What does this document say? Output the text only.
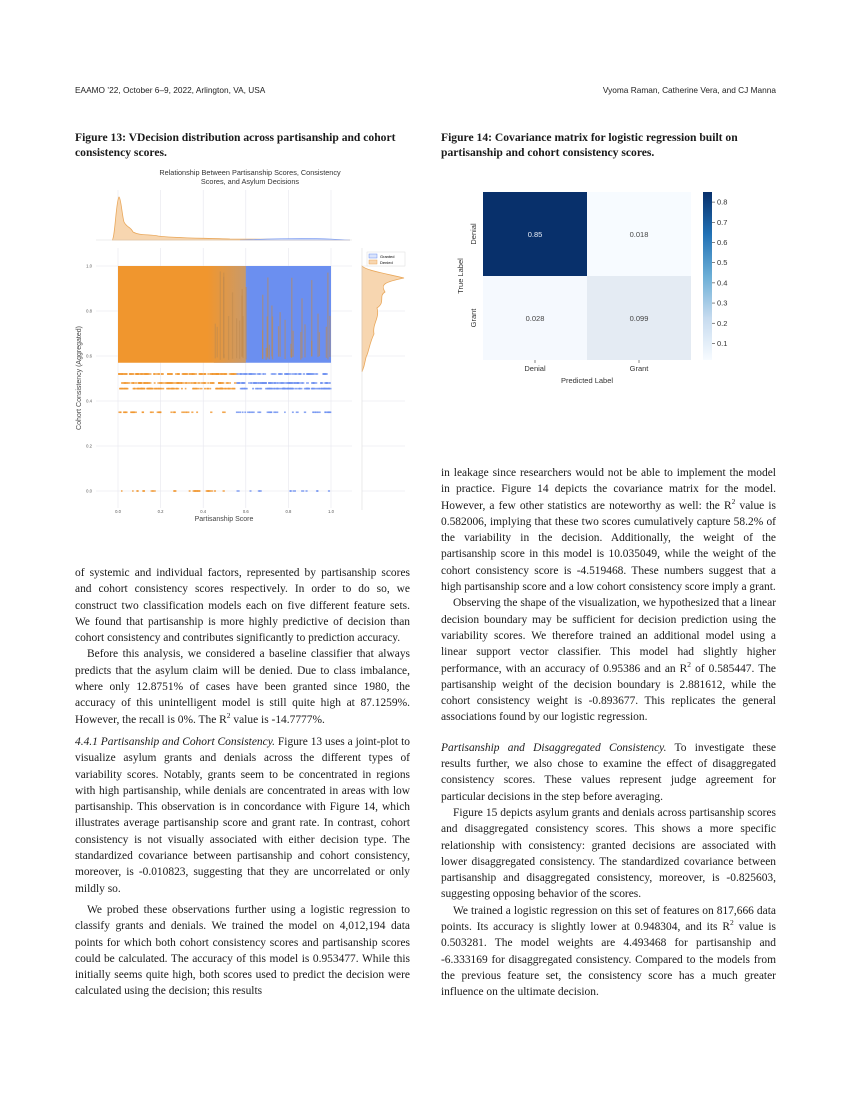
EAAMO ’22, October 6–9, 2022, Arlington, VA, USA	Vyoma Raman, Catherine Vera, and CJ Manna
Figure 13: VDecision distribution across partisanship and cohort consistency scores.
Figure 14: Covariance matrix for logistic regression built on partisanship and cohort consistency scores.
Relationship Between Partisanship Scores, Consistency
Scores, and Asylum Decisions
Granted
Denied
0.0	0.2	0.4	0.6	0.8	1.0
0.0
0.2
0.4
0.6
0.8
1.0
Partisanship Score
Cohort Consistency (Aggregated)
0.85	0.018
0.028	0.099
Denial	Grant
Denial
Grant
0.8
0.7
0.6
0.5
0.4
0.3
0.2
0.1
Predicted Label
True Label

of systemic and individual factors, represented by partisanship scores and cohort consistency scores respectively. In order to do so, we construct two classification models each on five different feature sets. We found that partisanship is more highly predictive of decision than cohort consistency and contributes significantly to prediction accuracy.

Before this analysis, we considered a baseline classifier that always predicts that the asylum claim will be denied. Due to class imbalance, where only 12.8751% of cases have been granted since 1980, the accuracy of this unintelligent model is still quite high at 87.1259%. However, the recall is 0%. The $R^2$ value is -14.7777%.

4.4.1 Partisanship and Cohort Consistency. Figure 13 uses a joint-plot to visualize asylum grants and denials across the different types of variability scores. Notably, grants seem to be concentrated in regions with high partisanship, while denials are concentrated in areas with low partisanship. This observation is in concordance with Figure 14, which illustrates average partisanship score and grant rate. In contrast, cohort consistency is not visually associated with either decision type. The standardized covariance between partisanship and cohort consistency, moreover, is -0.010823, suggesting that they are uncorrelated or only mildly so.

We probed these observations further using a logistic regression to classify grants and denials. We trained the model on 4,012,194 data points for which both cohort consistency scores and partisanship scores could be calculated. The accuracy of this model is 0.953477. While this initially seems quite high, both scores used to predict the decision were calculated using the decision; this results

in leakage since researchers would not be able to implement the model in practice. Figure 14 depicts the covariance matrix for the model. However, a few other statistics are noteworthy as well: the $R^2$ value is 0.582006, implying that these two scores cumulatively capture 58.2% of the variability in the decision. Additionally, the weight of the partisanship score in this model is 10.035049, while the weight of the cohort consistency score is -4.519468. These numbers suggest that a high partisanship score and a low cohort consistency score imply a grant.

Observing the shape of the visualization, we hypothesized that a linear decision boundary may be sufficient for decision prediction using the variability scores. We therefore trained an additional model using a linear support vector classifier. This model had slightly higher performance, with an accuracy of 0.95386 and an $R^2$ of 0.585447. The partisanship weight of the decision boundary is 2.881612, while the cohort consistency weight is -0.893677. This replicates the general associations found by our logistic regression.

Partisanship and Disaggregated Consistency. To investigate these results further, we also chose to examine the effect of disaggregated consistency scores. These values represent judge agreement for particular decisions in the step before averaging.

Figure 15 depicts asylum grants and denials across partisanship scores and disaggregated consistency scores. This shows a more specific relationship with consistency: granted decisions are associated with lower disaggregated consistency. The standardized covariance between partisanship and disaggregated consistency, moreover, is -0.825603, suggesting opposing behavior of the scores.

We trained a logistic regression on this set of features on 817,666 data points. Its accuracy is slightly lower at 0.948304, and its $R^2$ value is 0.503281. The model weights are 4.493468 for partisanship and -6.333169 for disaggregated consistency. Compared to the models from the previous feature set, the consistency score has a much greater influence on the ultimate decision.
